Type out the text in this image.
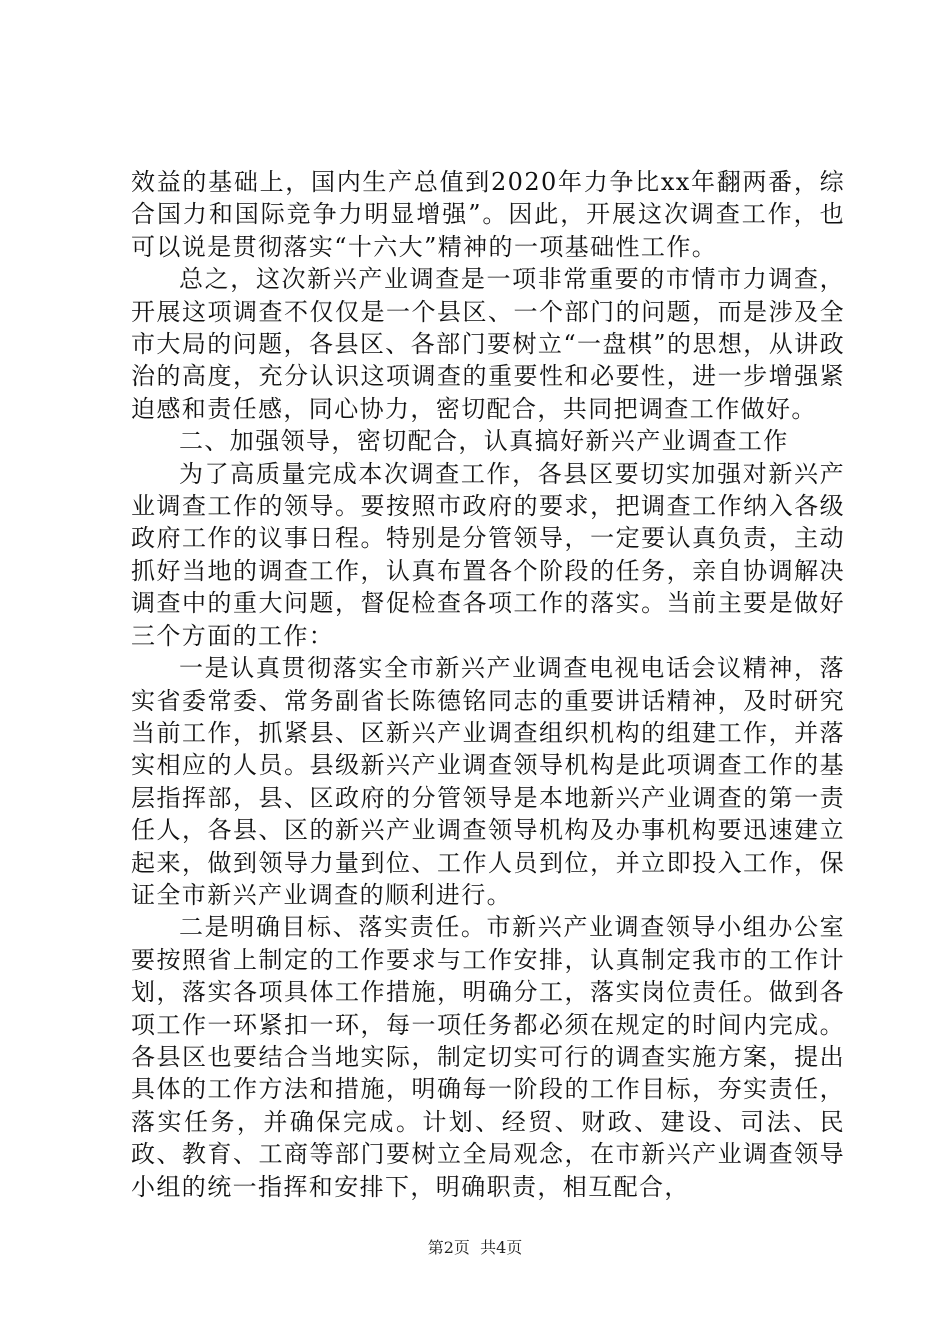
效益的基础上，国内生产总值到2020年力争比xx年翻两番，综合国力和国际竞争力明显增强”。因此，开展这次调查工作，也可以说是贯彻落实“十六大”精神的一项基础性工作。

总之，这次新兴产业调查是一项非常重要的市情市力调查，开展这项调查不仅仅是一个县区、一个部门的问题，而是涉及全市大局的问题，各县区、各部门要树立“一盘棋”的思想，从讲政治的高度，充分认识这项调查的重要性和必要性，进一步增强紧迫感和责任感，同心协力，密切配合，共同把调查工作做好。

二、加强领导，密切配合，认真搞好新兴产业调查工作

为了高质量完成本次调查工作，各县区要切实加强对新兴产业调查工作的领导。要按照市政府的要求，把调查工作纳入各级政府工作的议事日程。特别是分管领导，一定要认真负责，主动抓好当地的调查工作，认真布置各个阶段的任务，亲自协调解决调查中的重大问题，督促检查各项工作的落实。当前主要是做好三个方面的工作：

一是认真贯彻落实全市新兴产业调查电视电话会议精神，落实省委常委、常务副省长陈德铭同志的重要讲话精神，及时研究当前工作，抓紧县、区新兴产业调查组织机构的组建工作，并落实相应的人员。县级新兴产业调查领导机构是此项调查工作的基层指挥部，县、区政府的分管领导是本地新兴产业调查的第一责任人，各县、区的新兴产业调查领导机构及办事机构要迅速建立起来，做到领导力量到位、工作人员到位，并立即投入工作，保证全市新兴产业调查的顺利进行。

二是明确目标、落实责任。市新兴产业调查领导小组办公室要按照省上制定的工作要求与工作安排，认真制定我市的工作计划，落实各项具体工作措施，明确分工，落实岗位责任。做到各项工作一环紧扣一环，每一项任务都必须在规定的时间内完成。各县区也要结合当地实际，制定切实可行的调查实施方案，提出具体的工作方法和措施，明确每一阶段的工作目标，夯实责任，落实任务，并确保完成。计划、经贸、财政、建设、司法、民政、教育、工商等部门要树立全局观念，在市新兴产业调查领导小组的统一指挥和安排下，明确职责，相互配合，

第2页  共4页
